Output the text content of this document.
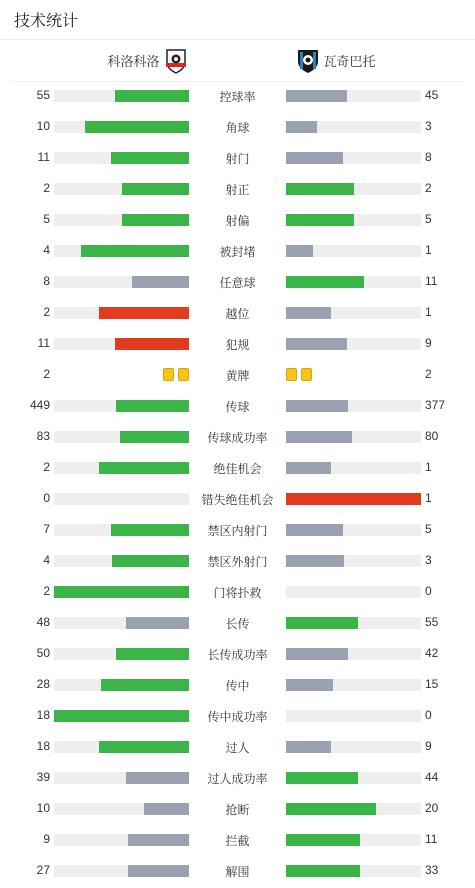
技术统计
科洛科洛	瓦奇巴托
55	控球率	45
10	角球	3
11	射门	8
2	射正	2
5	射偏	5
4	被封堵	1
8	任意球	11
2	越位	1
11	犯规	9
2	黄牌	2
449	传球	377
83	传球成功率	80
2	绝佳机会	1
0	错失绝佳机会	1
7	禁区内射门	5
4	禁区外射门	3
2	门将扑救	0
48	长传	55
50	长传成功率	42
28	传中	15
18	传中成功率	0
18	过人	9
39	过人成功率	44
10	抢断	20
9	拦截	11
27	解围	33
